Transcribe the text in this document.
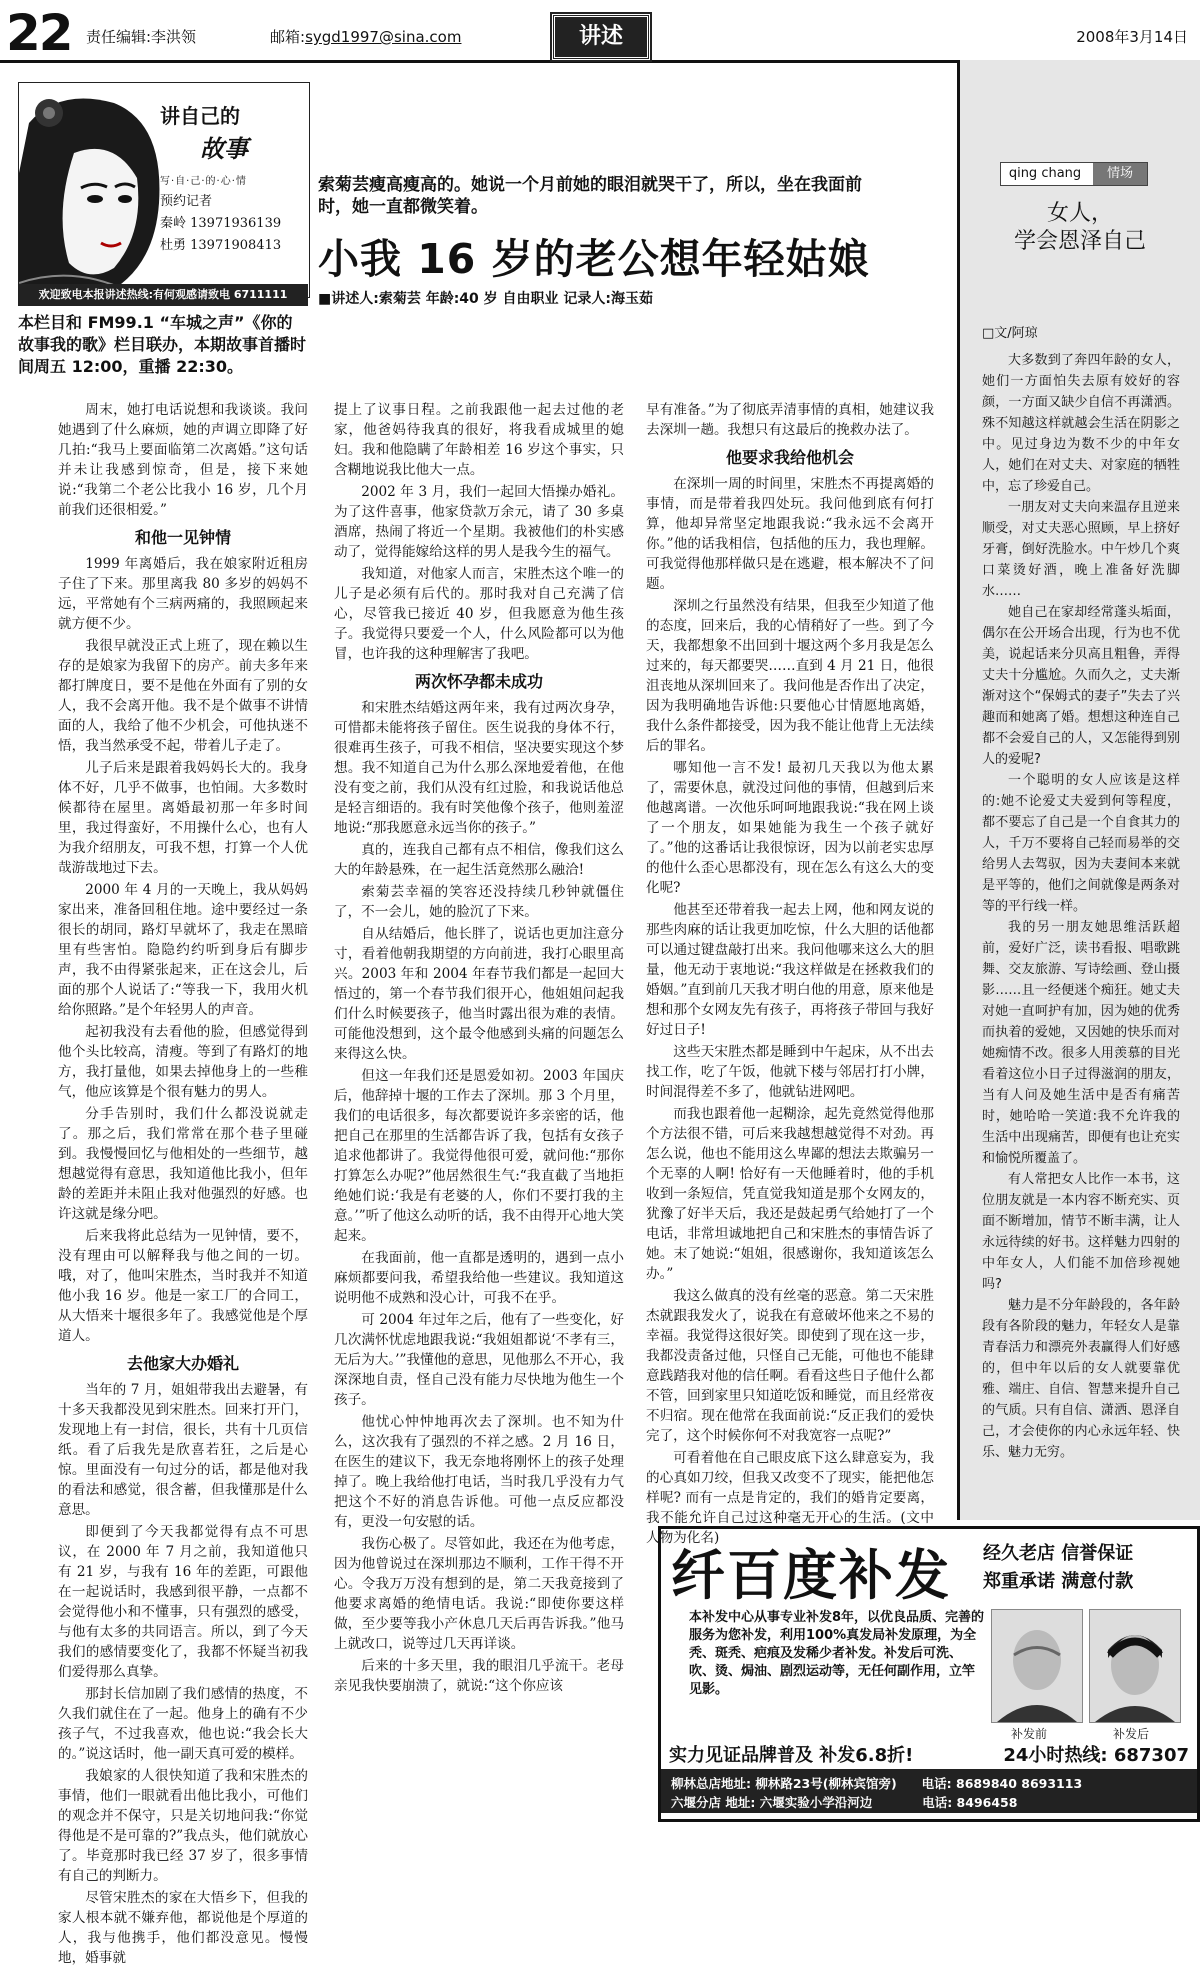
22 责任编辑:李洪领	邮箱:sygd1997@sina.com	讲述	2008年3月14日
讲自己的
故事
写·自·己·的·心·情
预约记者
秦岭 13971936139
杜勇 13971908413
欢迎致电本报讲述热线:有何观感请致电 6711111
本栏目和 FM99.1 “车城之声”《你的故事我的歌》栏目联办，本期故事首播时间周五 12:00，重播 22:30。
索菊芸瘦高瘦高的。她说一个月前她的眼泪就哭干了，所以，坐在我面前时，她一直都微笑着。
小我 16 岁的老公想年轻姑娘
■讲述人:索菊芸 年龄:40 岁 自由职业 记录人:海玉茹

周末，她打电话说想和我谈谈。我问她遇到了什么麻烦，她的声调立即降了好几拍:“我马上要面临第二次离婚。”这句话并未让我感到惊奇，但是，接下来她说:“我第二个老公比我小 16 岁，几个月前我们还很相爱。”

和他一见钟情

1999 年离婚后，我在娘家附近租房子住了下来。那里离我 80 多岁的妈妈不远，平常她有个三病两痛的，我照顾起来就方便不少。

我很早就没正式上班了，现在赖以生存的是娘家为我留下的房产。前夫多年来都打牌度日，要不是他在外面有了别的女人，我不会离开他。我不是个做事不讲情面的人，我给了他不少机会，可他执迷不悟，我当然承受不起，带着儿子走了。

儿子后来是跟着我妈妈长大的。我身体不好，几乎不做事，也怕闹。大多数时候都待在屋里。离婚最初那一年多时间里，我过得蛮好，不用操什么心，也有人为我介绍朋友，可我不想，打算一个人优哉游哉地过下去。

2000 年 4 月的一天晚上，我从妈妈家出来，准备回租住地。途中要经过一条很长的胡同，路灯早就坏了，我走在黑暗里有些害怕。隐隐约约听到身后有脚步声，我不由得紧张起来，正在这会儿，后面的那个人说话了:“等我一下，我用火机给你照路。”是个年轻男人的声音。

起初我没有去看他的脸，但感觉得到他个头比较高，清瘦。等到了有路灯的地方，我打量他，如果去掉他身上的一些稚气，他应该算是个很有魅力的男人。

分手告别时，我们什么都没说就走了。那之后，我们常常在那个巷子里碰到。我慢慢回忆与他相处的一些细节，越想越觉得有意思，我知道他比我小，但年龄的差距并未阻止我对他强烈的好感。也许这就是缘分吧。

后来我将此总结为一见钟情，要不，没有理由可以解释我与他之间的一切。哦，对了，他叫宋胜杰，当时我并不知道他小我 16 岁。他是一家工厂的合同工，从大悟来十堰很多年了。我感觉他是个厚道人。

去他家大办婚礼

当年的 7 月，姐姐带我出去避暑，有十多天我都没见到宋胜杰。回来打开门，发现地上有一封信，很长，共有十几页信纸。看了后我先是欣喜若狂，之后是心惊。里面没有一句过分的话，都是他对我的看法和感觉，很含蓄，但我懂那是什么意思。

即便到了今天我都觉得有点不可思议，在 2000 年 7 月之前，我知道他只有 21 岁，与我有 16 年的差距，可跟他在一起说话时，我感到很平静，一点都不会觉得他小和不懂事，只有强烈的感受，与他有太多的共同语言。所以，到了今天我们的感情要变化了，我都不怀疑当初我们爱得那么真挚。

那封长信加剧了我们感情的热度，不久我们就住在了一起。他身上的确有不少孩子气，不过我喜欢，他也说:“我会长大的。”说这话时，他一副天真可爱的模样。

我娘家的人很快知道了我和宋胜杰的事情，他们一眼就看出他比我小，可他们的观念并不保守，只是关切地问我:“你觉得他是不是可靠的?”我点头，他们就放心了。毕竟那时我已经 37 岁了，很多事情有自己的判断力。

尽管宋胜杰的家在大悟乡下，但我的家人根本就不嫌弃他，都说他是个厚道的人，我与他携手，他们都没意见。慢慢地，婚事就

提上了议事日程。之前我跟他一起去过他的老家，他爸妈待我真的很好，将我看成城里的媳妇。我和他隐瞒了年龄相差 16 岁这个事实，只含糊地说我比他大一点。

2002 年 3 月，我们一起回大悟操办婚礼。为了这件喜事，他家贷款万余元，请了 30 多桌酒席，热闹了将近一个星期。我被他们的朴实感动了，觉得能嫁给这样的男人是我今生的福气。

我知道，对他家人而言，宋胜杰这个唯一的儿子是必须有后代的。那时我对自己充满了信心，尽管我已接近 40 岁，但我愿意为他生孩子。我觉得只要爱一个人，什么风险都可以为他冒，也许我的这种理解害了我吧。

两次怀孕都未成功

和宋胜杰结婚这两年来，我有过两次身孕，可惜都未能将孩子留住。医生说我的身体不行，很难再生孩子，可我不相信，坚决要实现这个梦想。我不知道自己为什么那么深地爱着他，在他没有变之前，我们从没有红过脸，和我说话他总是轻言细语的。我有时笑他像个孩子，他则羞涩地说:“那我愿意永远当你的孩子。”

真的，连我自己都有点不相信，像我们这么大的年龄悬殊，在一起生活竟然那么融洽!

索菊芸幸福的笑容还没持续几秒钟就僵住了，不一会儿，她的脸沉了下来。

自从结婚后，他长胖了，说话也更加注意分寸，看着他朝我期望的方向前进，我打心眼里高兴。2003 年和 2004 年春节我们都是一起回大悟过的，第一个春节我们很开心，他姐姐问起我们什么时候要孩子，他当时露出很为难的表情。可能他没想到，这个最令他感到头痛的问题怎么来得这么快。

但这一年我们还是恩爱如初。2003 年国庆后，他辞掉十堰的工作去了深圳。那 3 个月里，我们的电话很多，每次都要说许多亲密的话，他把自己在那里的生活都告诉了我，包括有女孩子追求他都讲了。我觉得他很可爱，就问他:“那你打算怎么办呢?”他居然很生气:“我直截了当地拒绝她们说:‘我是有老婆的人，你们不要打我的主意。’”听了他这么动听的话，我不由得开心地大笑起来。

在我面前，他一直都是透明的，遇到一点小麻烦都要问我，希望我给他一些建议。我知道这说明他不成熟和没心计，可我不在乎。

可 2004 年过年之后，他有了一些变化，好几次满怀忧虑地跟我说:“我姐姐都说‘不孝有三，无后为大。’”我懂他的意思，见他那么不开心，我深深地自责，怪自己没有能力尽快地为他生一个孩子。

他忧心忡忡地再次去了深圳。也不知为什么，这次我有了强烈的不祥之感。2 月 16 日，在医生的建议下，我无奈地将刚怀上的孩子处理掉了。晚上我给他打电话，当时我几乎没有力气把这个不好的消息告诉他。可他一点反应都没有，更没一句安慰的话。

我伤心极了。尽管如此，我还在为他考虑，因为他曾说过在深圳那边不顺利，工作干得不开心。令我万万没有想到的是，第二天我竟接到了他要求离婚的绝情电话。我说:“即使你要这样做，至少要等我小产休息几天后再告诉我。”他马上就改口，说等过几天再详谈。

后来的十多天里，我的眼泪几乎流干。老母亲见我快要崩溃了，就说:“这个你应该

早有准备。”为了彻底弄清事情的真相，她建议我去深圳一趟。我想只有这最后的挽救办法了。

他要求我给他机会

在深圳一周的时间里，宋胜杰不再提离婚的事情，而是带着我四处玩。我问他到底有何打算，他却异常坚定地跟我说:“我永远不会离开你。”他的话我相信，包括他的压力，我也理解。可我觉得他那样做只是在逃避，根本解决不了问题。

深圳之行虽然没有结果，但我至少知道了他的态度，回来后，我的心情稍好了一些。到了今天，我都想象不出回到十堰这两个多月我是怎么过来的，每天都要哭……直到 4 月 21 日，他很沮丧地从深圳回来了。我问他是否作出了决定，因为我明确地告诉他:只要他心甘情愿地离婚，我什么条件都接受，因为我不能让他背上无法续后的罪名。

哪知他一言不发! 最初几天我以为他太累了，需要休息，就没过问他的事情，但越到后来他越离谱。一次他乐呵呵地跟我说:“我在网上谈了一个朋友，如果她能为我生一个孩子就好了。”他的这番话让我很惊讶，因为以前老实忠厚的他什么歪心思都没有，现在怎么有这么大的变化呢?

他甚至还带着我一起去上网，他和网友说的那些肉麻的话让我更加吃惊，什么大胆的话他都可以通过键盘敲打出来。我问他哪来这么大的胆量，他无动于衷地说:“我这样做是在拯救我们的婚姻。”直到前几天我才明白他的用意，原来他是想和那个女网友先有孩子，再将孩子带回与我好好过日子!

这些天宋胜杰都是睡到中午起床，从不出去找工作，吃了午饭，他就下楼与邻居打打小牌，时间混得差不多了，他就钻进网吧。

而我也跟着他一起糊涂，起先竟然觉得他那个方法很不错，可后来我越想越觉得不对劲。再怎么说，他也不能用这么卑鄙的想法去欺骗另一个无辜的人啊! 恰好有一天他睡着时，他的手机收到一条短信，凭直觉我知道是那个女网友的，犹豫了好半天后，我还是鼓起勇气给她打了一个电话，非常坦诚地把自己和宋胜杰的事情告诉了她。末了她说:“姐姐，很感谢你，我知道该怎么办。”

我这么做真的没有丝毫的恶意。第二天宋胜杰就跟我发火了，说我在有意破坏他来之不易的幸福。我觉得这很好笑。即使到了现在这一步，我都没责备过他，只怪自己无能，可他也不能肆意践踏我对他的信任啊。看看这些日子他什么都不管，回到家里只知道吃饭和睡觉，而且经常夜不归宿。现在他常在我面前说:“反正我们的爱快完了，这个时候你何不对我宽容一点呢?”

可看着他在自己眼皮底下这么肆意妄为，我的心真如刀绞，但我又改变不了现实，能把他怎样呢? 而有一点是肯定的，我们的婚肯定要离，我不能允许自己过这种毫无开心的生活。(文中人物为化名)

qing chang	情场
女人，
学会恩泽自己
□文/阿琼

大多数到了奔四年龄的女人，她们一方面怕失去原有姣好的容颜，一方面又缺少自信不再潇洒。殊不知越这样就越会生活在阴影之中。见过身边为数不少的中年女人，她们在对丈夫、对家庭的牺牲中，忘了珍爱自己。

一朋友对丈夫向来温存且逆来顺受，对丈夫恶心照顾，早上挤好牙膏，倒好洗脸水。中午炒几个爽口菜烫好酒，晚上准备好洗脚水……

她自己在家却经常蓬头垢面，偶尔在公开场合出现，行为也不优美，说起话来分贝高且粗鲁，弄得丈夫十分尴尬。久而久之，丈夫渐渐对这个“保姆式的妻子”失去了兴趣而和她离了婚。想想这种连自己都不会爱自己的人，又怎能得到别人的爱呢?

一个聪明的女人应该是这样的:她不论爱丈夫爱到何等程度，都不要忘了自己是一个自食其力的人，千万不要将自己轻而易举的交给男人去驾驭，因为夫妻间本来就是平等的，他们之间就像是两条对等的平行线一样。

我的另一朋友她思维活跃超前，爱好广泛，读书看报、唱歌跳舞、交友旅游、写诗绘画、登山摄影……且一经便迷个痴狂。她丈夫对她一直呵护有加，因为她的优秀而执着的爱她，又因她的快乐而对她痴情不改。很多人用羡慕的目光看着这位小日子过得滋润的朋友，当有人问及她生活中是否有痛苦时，她哈哈一笑道:我不允许我的生活中出现痛苦，即便有也让充实和愉悦所覆盖了。

有人常把女人比作一本书，这位朋友就是一本内容不断充实、页面不断增加，情节不断丰满，让人永远待续的好书。这样魅力四射的中年女人，人们能不加倍珍视她吗?

魅力是不分年龄段的，各年龄段有各阶段的魅力，年轻女人是靠青春活力和漂亮外表赢得人们好感的，但中年以后的女人就要靠优雅、端庄、自信、智慧来提升自己的气质。只有自信、潇洒、恩泽自己，才会使你的内心永远年轻、快乐、魅力无穷。

纤百度补发 经久老店 信誉保证
郑重承诺 满意付款
本补发中心从事专业补发8年，以优良品质、完善的服务为您补发，利用100%真发局补发原理，为全秃、斑秃、疤痕及发稀少者补发。补发后可洗、吹、烫、焗油、剧烈运动等，无任何副作用，立竿见影。
补发前	补发后
实力见证品牌普及 补发6.8折!	24小时热线: 687307
柳林总店地址: 柳林路23号(柳林宾馆旁)　　电话: 8689840 8693113
六堰分店 地址: 六堰实验小学沿河边　　　　电话: 8496458
